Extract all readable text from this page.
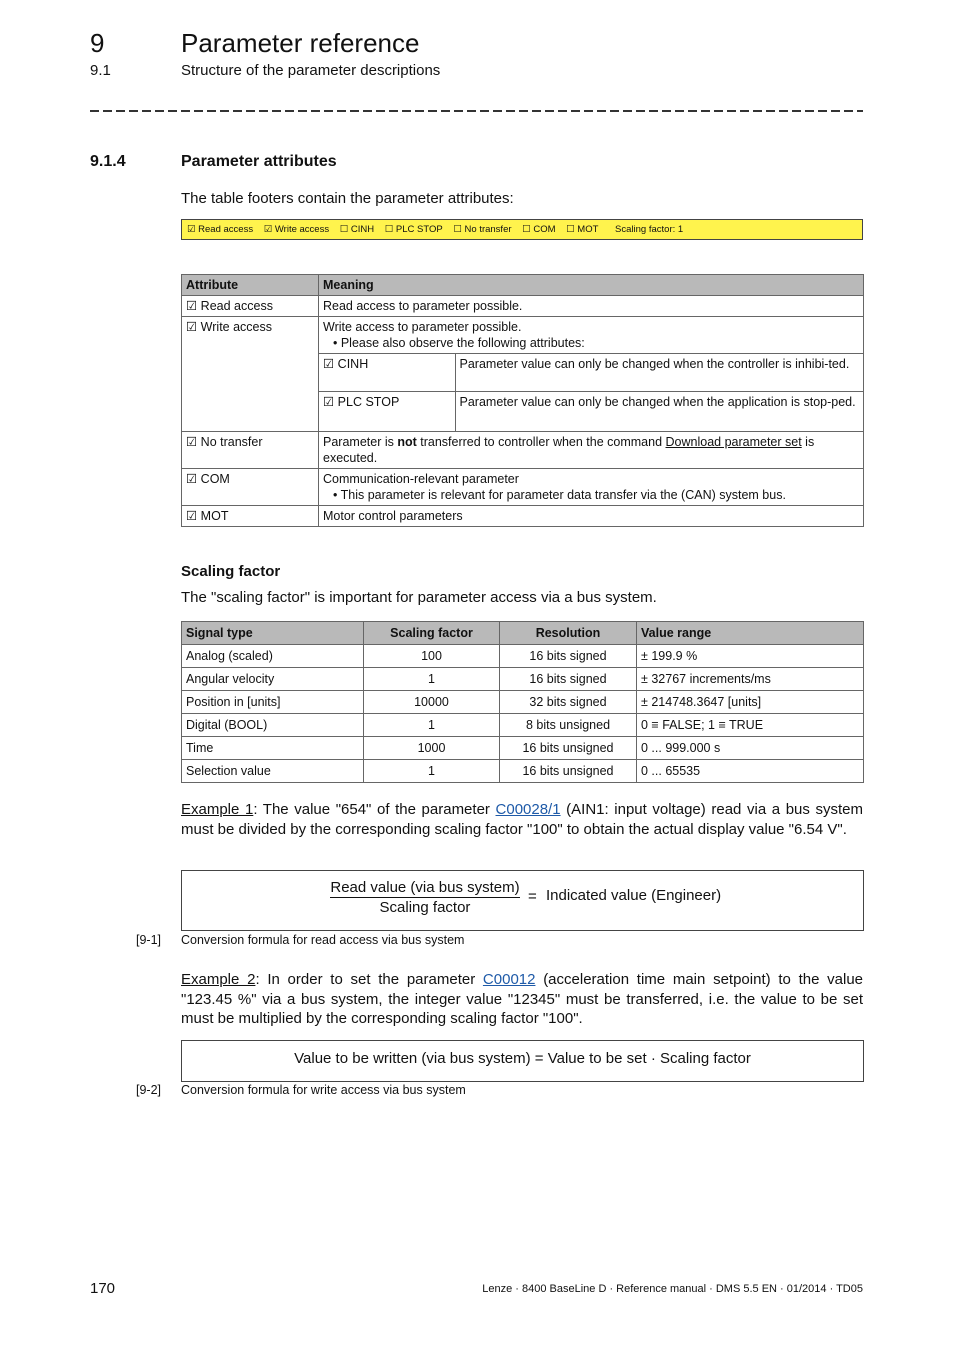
9	Parameter reference
9.1	Structure of the parameter descriptions
9.1.4	Parameter attributes
The table footers contain the parameter attributes:
☑ Read access ☑ Write access ☐ CINH ☐ PLC STOP ☐ No transfer ☐ COM ☐ MOT Scaling factor: 1
Attribute	Meaning
☑ Read access	Read access to parameter possible.
☑ Write access	Write access to parameter possible.
• Please also observe the following attributes:
☑ CINH	Parameter value can only be changed when the controller is inhibi-ted.
☑ PLC STOP	Parameter value can only be changed when the application is stop-ped.

☑ No transfer	Parameter is not transferred to controller when the command Download parameter set is executed.
☑ COM	Communication-relevant parameter
• This parameter is relevant for parameter data transfer via the (CAN) system bus.

☑ MOT	Motor control parameters
Scaling factor
The "scaling factor" is important for parameter access via a bus system.
Signal type	Scaling factor	Resolution	Value range
Analog (scaled)	100	16 bits signed	± 199.9 %
Angular velocity	1	16 bits signed	± 32767 increments/ms
Position in [units]	10000	32 bits signed	± 214748.3647 [units]
Digital (BOOL)	1	8 bits unsigned	0 ≡ FALSE; 1 ≡ TRUE
Time	1000	16 bits unsigned	0 ... 999.000 s
Selection value	1	16 bits unsigned	0 ... 65535
Example 1: The value "654" of the parameter C00028/1 (AIN1: input voltage) read via a bus system must be divided by the corresponding scaling factor "100" to obtain the actual display value "6.54 V".
Read value (via bus system)
Scaling factor
= Indicated value (Engineer)
[9-1] Conversion formula for read access via bus system
Example 2: In order to set the parameter C00012 (acceleration time main setpoint) to the value "123.45 %" via a bus system, the integer value "12345" must be transferred, i.e. the value to be set must be multiplied by the corresponding scaling factor "100".
Value to be written (via bus system) = Value to be set · Scaling factor
[9-2] Conversion formula for write access via bus system
170	Lenze · 8400 BaseLine D · Reference manual · DMS 5.5 EN · 01/2014 · TD05
